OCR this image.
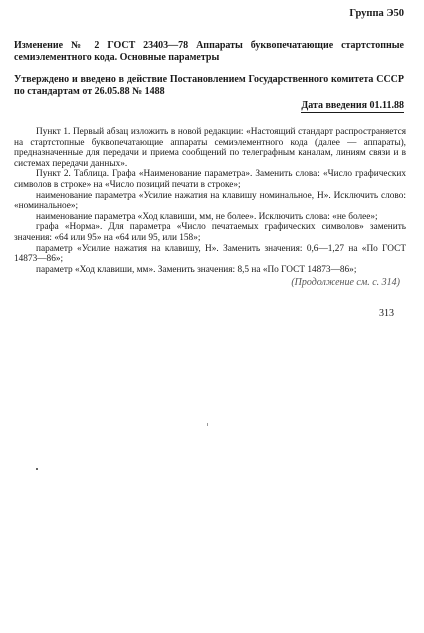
Группа Э50
Изменение № 2 ГОСТ 23403—78 Аппараты буквопечатающие стартстопные семиэлементного кода. Основные параметры
Утверждено и введено в действие Постановлением Государственного комитета СССР по стандартам от 26.05.88 № 1488
Дата введения 01.11.88

Пункт 1. Первый абзац изложить в новой редакции: «Настоящий стандарт распространяется на стартстопные буквопечатающие аппараты семиэлементного кода (далее — аппараты), предназначенные для передачи и приема сообщений по телеграфным каналам, линиям связи и в системах передачи данных».

Пункт 2. Таблица. Графа «Наименование параметра». Заменить слова: «Число графических символов в строке» на «Число позиций печати в строке»;

наименование параметра «Усилие нажатия на клавишу номинальное, Н». Исключить слово: «номинальное»;

наименование параметра «Ход клавиши, мм, не более». Исключить слова: «не более»;

графа «Норма». Для параметра «Число печатаемых графических символов» заменить значения: «64 или 95» на «64 или 95, или 158»;

параметр «Усилие нажатия на клавишу, Н». Заменить значения: 0,6—1,27 на «По ГОСТ 14873—86»;

параметр «Ход клавиши, мм». Заменить значения: 8,5 на «По ГОСТ 14873—86»;

(Продолжение см. с. 314)
313
